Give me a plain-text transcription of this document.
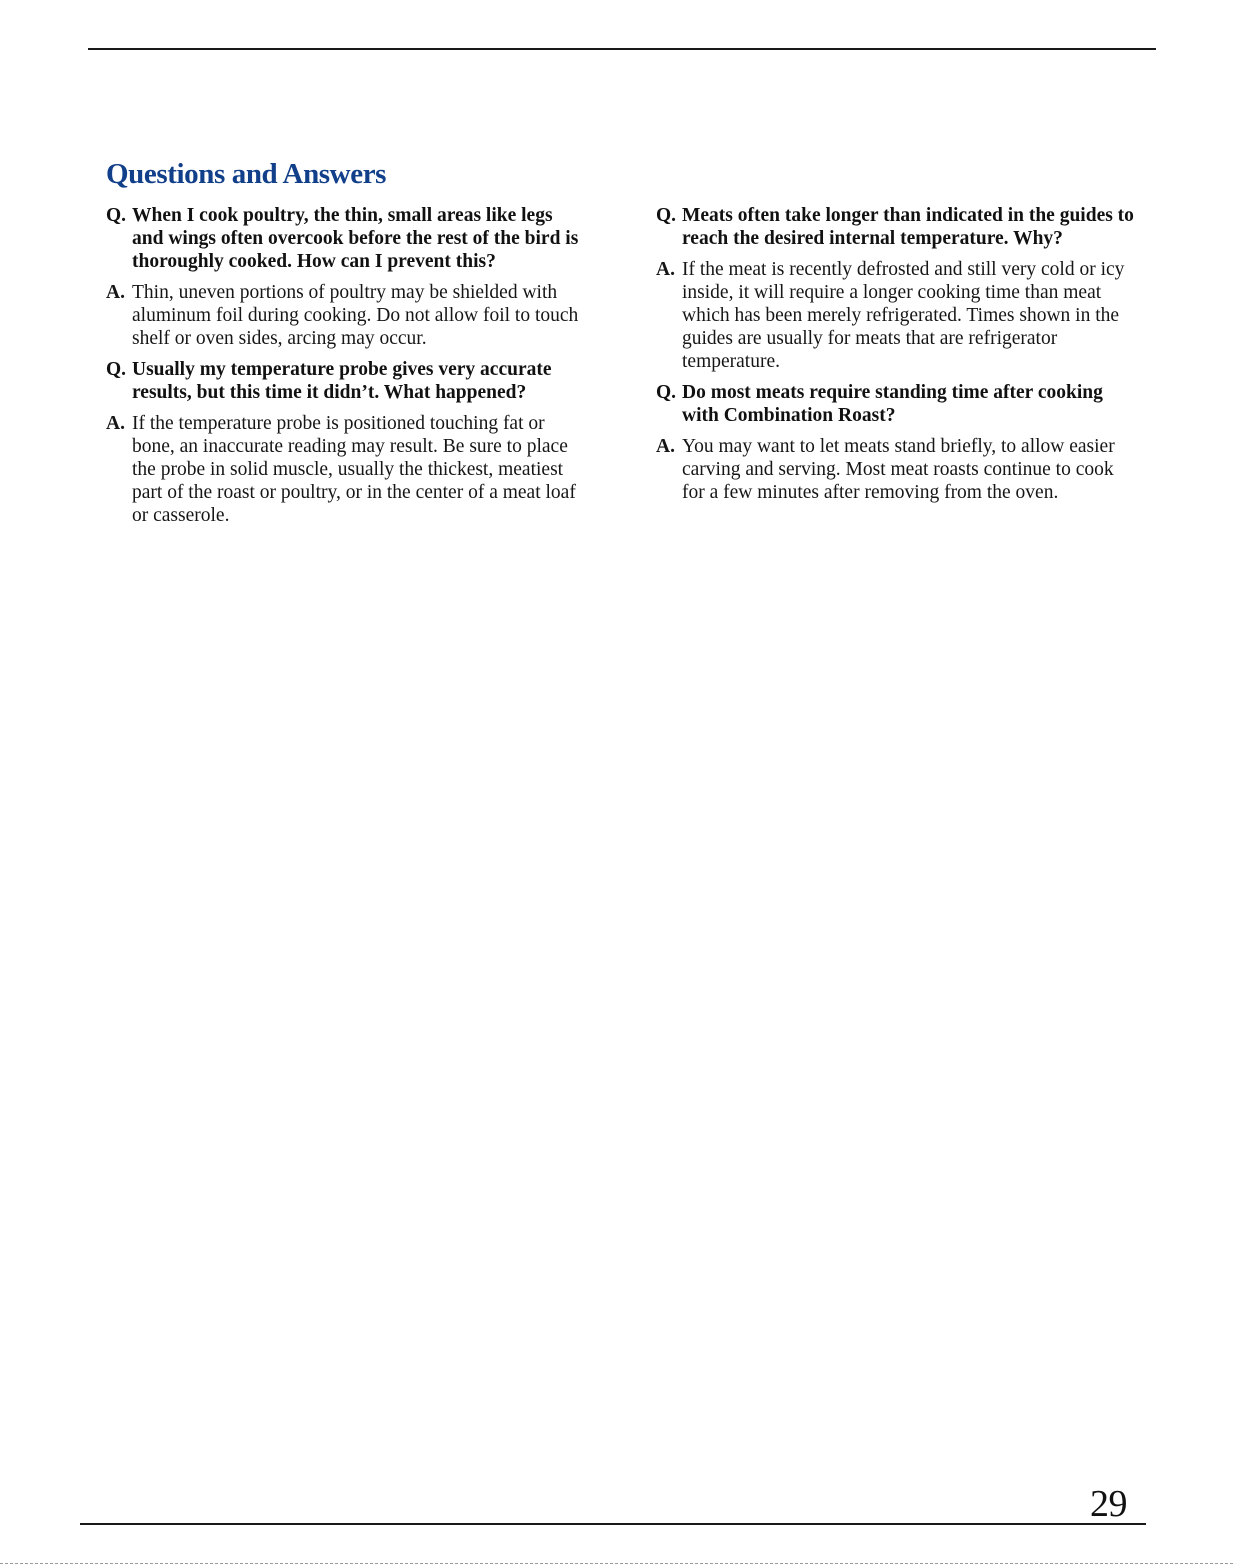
Questions and Answers
Q. When I cook poultry, the thin, small areas like legs and wings often overcook before the rest of the bird is thoroughly cooked. How can I prevent this?
A. Thin, uneven portions of poultry may be shielded with aluminum foil during cooking. Do not allow foil to touch shelf or oven sides, arcing may occur.
Q. Usually my temperature probe gives very accurate results, but this time it didn’t. What happened?
A. If the temperature probe is positioned touching fat or bone, an inaccurate reading may result. Be sure to place the probe in solid muscle, usually the thickest, meatiest part of the roast or poultry, or in the center of a meat loaf or casserole.
Q. Meats often take longer than indicated in the guides to reach the desired internal temperature. Why?
A. If the meat is recently defrosted and still very cold or icy inside, it will require a longer cooking time than meat which has been merely refrigerated. Times shown in the guides are usually for meats that are refrigerator temperature.
Q. Do most meats require standing time after cooking with Combination Roast?
A. You may want to let meats stand briefly, to allow easier carving and serving. Most meat roasts continue to cook for a few minutes after removing from the oven.
29
